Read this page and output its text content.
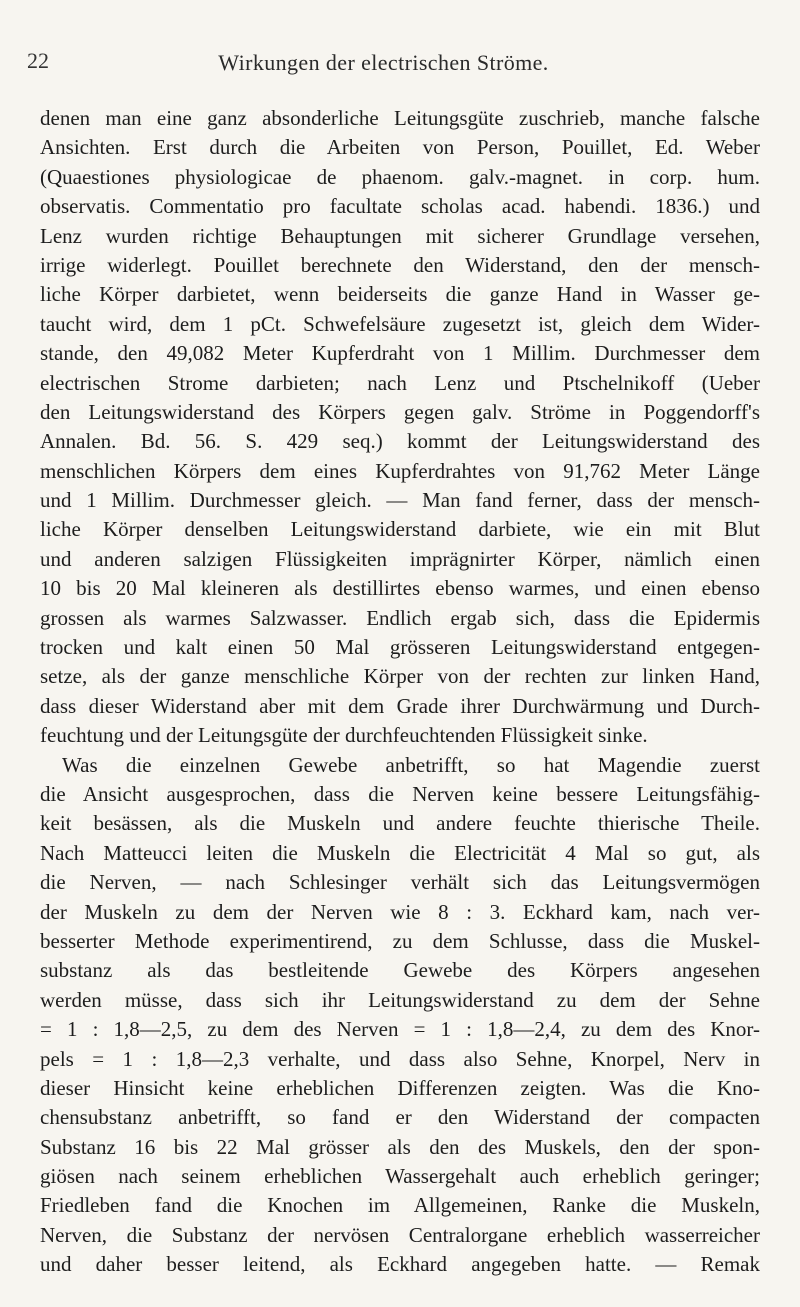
22	Wirkungen der electrischen Ströme.
denen man eine ganz absonderliche Leitungsgüte zuschrieb, manche falsche
Ansichten. Erst durch die Arbeiten von Person, Pouillet, Ed. Weber
(Quaestiones physiologicae de phaenom. galv.-magnet. in corp. hum.
observatis. Commentatio pro facultate scholas acad. habendi. 1836.) und
Lenz wurden richtige Behauptungen mit sicherer Grundlage versehen,
irrige widerlegt. Pouillet berechnete den Widerstand, den der mensch-
liche Körper darbietet, wenn beiderseits die ganze Hand in Wasser ge-
taucht wird, dem 1 pCt. Schwefelsäure zugesetzt ist, gleich dem Wider-
stande, den 49,082 Meter Kupferdraht von 1 Millim. Durchmesser dem
electrischen Strome darbieten; nach Lenz und Ptschelnikoff (Ueber
den Leitungswiderstand des Körpers gegen galv. Ströme in Poggendorff's
Annalen. Bd. 56. S. 429 seq.) kommt der Leitungswiderstand des
menschlichen Körpers dem eines Kupferdrahtes von 91,762 Meter Länge
und 1 Millim. Durchmesser gleich. — Man fand ferner, dass der mensch-
liche Körper denselben Leitungswiderstand darbiete, wie ein mit Blut
und anderen salzigen Flüssigkeiten imprägnirter Körper, nämlich einen
10 bis 20 Mal kleineren als destillirtes ebenso warmes, und einen ebenso
grossen als warmes Salzwasser. Endlich ergab sich, dass die Epidermis
trocken und kalt einen 50 Mal grösseren Leitungswiderstand entgegen-
setze, als der ganze menschliche Körper von der rechten zur linken Hand,
dass dieser Widerstand aber mit dem Grade ihrer Durchwärmung und Durch-
feuchtung und der Leitungsgüte der durchfeuchtenden Flüssigkeit sinke.
Was die einzelnen Gewebe anbetrifft, so hat Magendie zuerst
die Ansicht ausgesprochen, dass die Nerven keine bessere Leitungsfähig-
keit besässen, als die Muskeln und andere feuchte thierische Theile.
Nach Matteucci leiten die Muskeln die Electricität 4 Mal so gut, als
die Nerven, — nach Schlesinger verhält sich das Leitungsvermögen
der Muskeln zu dem der Nerven wie 8 : 3. Eckhard kam, nach ver-
besserter Methode experimentirend, zu dem Schlusse, dass die Muskel-
substanz als das bestleitende Gewebe des Körpers angesehen
werden müsse, dass sich ihr Leitungswiderstand zu dem der Sehne
= 1 : 1,8—2,5, zu dem des Nerven = 1 : 1,8—2,4, zu dem des Knor-
pels = 1 : 1,8—2,3 verhalte, und dass also Sehne, Knorpel, Nerv in
dieser Hinsicht keine erheblichen Differenzen zeigten. Was die Kno-
chensubstanz anbetrifft, so fand er den Widerstand der compacten
Substanz 16 bis 22 Mal grösser als den des Muskels, den der spon-
giösen nach seinem erheblichen Wassergehalt auch erheblich geringer;
Friedleben fand die Knochen im Allgemeinen, Ranke die Muskeln,
Nerven, die Substanz der nervösen Centralorgane erheblich wasserreicher
und daher besser leitend, als Eckhard angegeben hatte. — Remak
